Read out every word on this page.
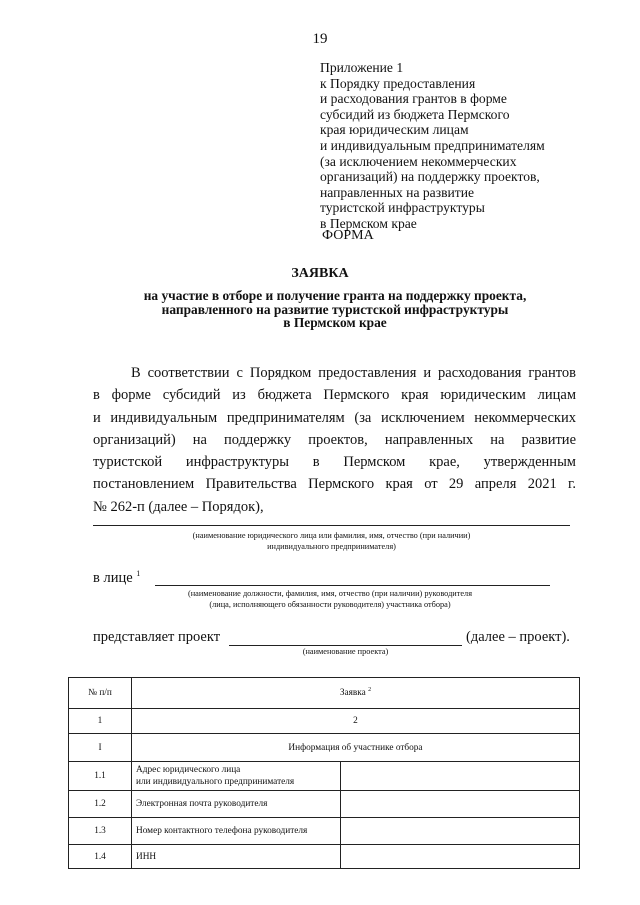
19
Приложение 1
к Порядку предоставления
и расходования грантов в форме
субсидий из бюджета Пермского
края юридическим лицам
и индивидуальным предпринимателям
(за исключением некоммерческих
организаций) на поддержку проектов,
направленных на развитие
туристской инфраструктуры
в Пермском крае
ФОРМА
ЗАЯВКА
на участие в отборе и получение гранта на поддержку проекта,
направленного на развитие туристской инфраструктуры
в Пермском крае
В соответствии с Порядком предоставления и расходования грантов
в форме субсидий из бюджета Пермского края юридическим лицам
и индивидуальным предпринимателям (за исключением некоммерческих
организаций) на поддержку проектов, направленных на развитие
туристской инфраструктуры в Пермском крае, утвержденным
постановлением Правительства Пермского края от 29 апреля 2021 г.
№ 262-п (далее – Порядок),
(наименование юридического лица или фамилия, имя, отчество (при наличии)
индивидуального предпринимателя)
в лице $^1$
(наименование должности, фамилия, имя, отчество (при наличии) руководителя
(лица, исполняющего обязанности руководителя) участника отбора)
представляет проект	(далее – проект).
(наименование проекта)
№ п/п	Заявка $^2$
1	2	
I	Информация об участнике отбора	
1.1	Адрес юридического лица
или индивидуального предпринимателя	
1.2	Электронная почта руководителя	
1.3	Номер контактного телефона руководителя	
1.4	ИНН	
